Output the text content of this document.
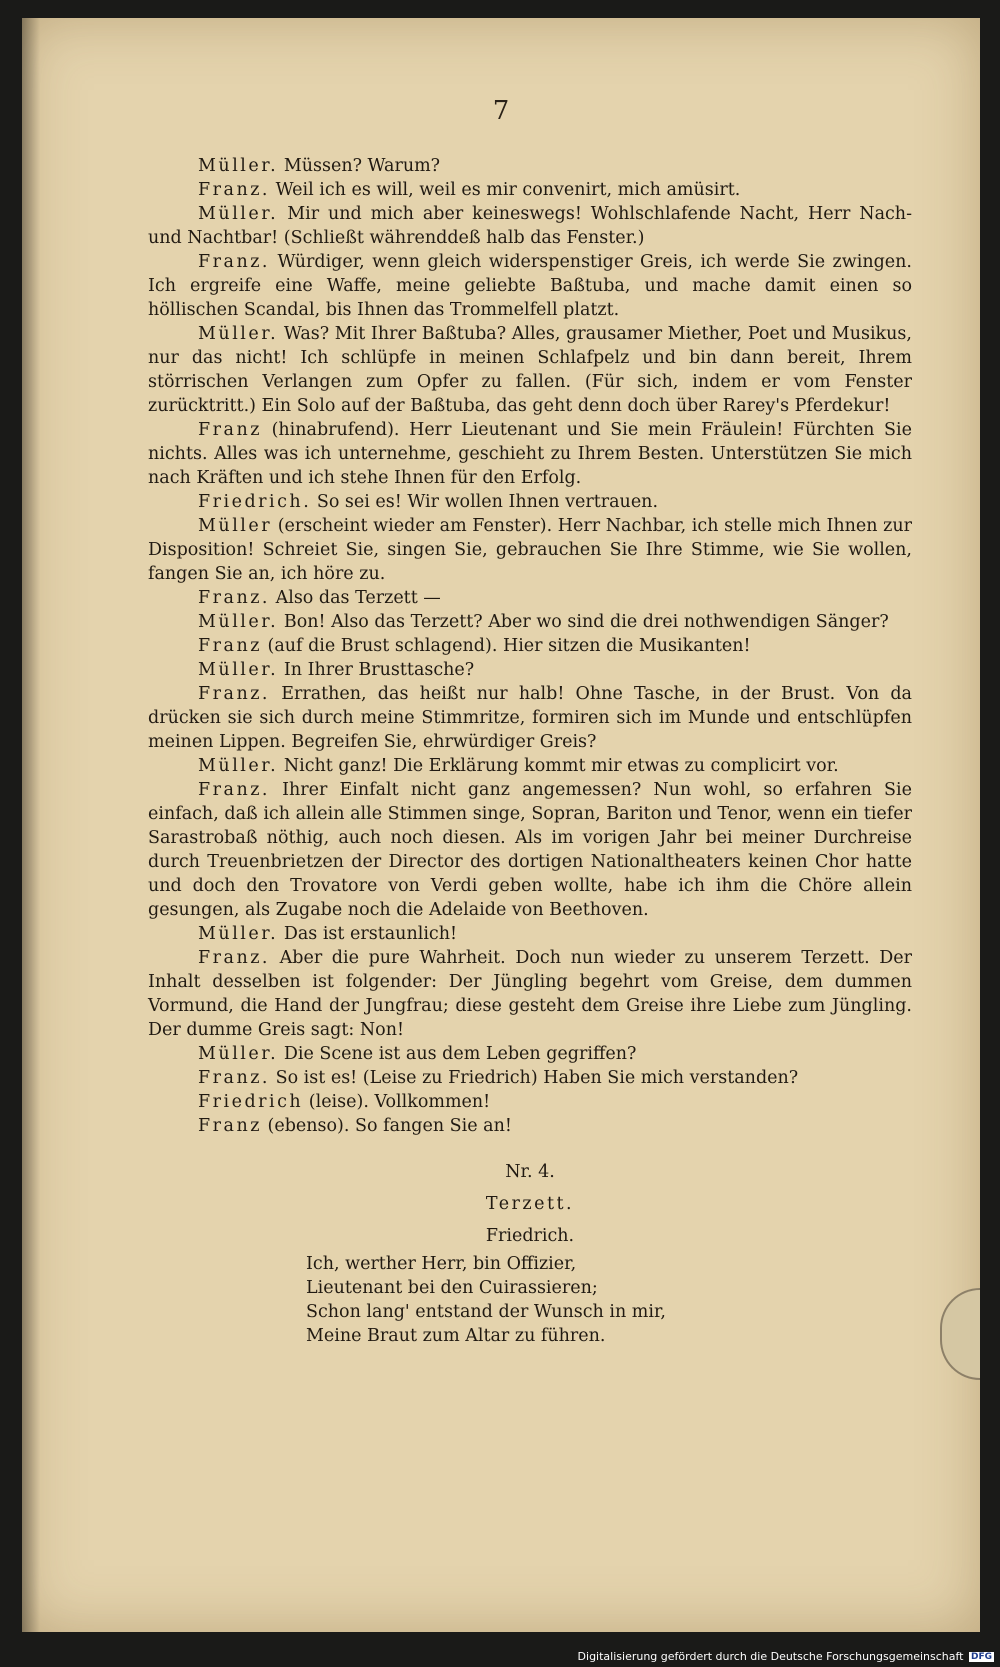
7

Müller. Müssen? Warum?

Franz. Weil ich es will, weil es mir convenirt, mich amüsirt.

Müller. Mir und mich aber keineswegs! Wohlschlafende Nacht, Herr Nach- und Nachtbar! (Schließt währenddeß halb das Fenster.)

Franz. Würdiger, wenn gleich widerspenstiger Greis, ich werde Sie zwingen. Ich ergreife eine Waffe, meine geliebte Baßtuba, und mache damit einen so höllischen Scandal, bis Ihnen das Trommelfell platzt.

Müller. Was? Mit Ihrer Baßtuba? Alles, grausamer Miether, Poet und Musikus, nur das nicht! Ich schlüpfe in meinen Schlafpelz und bin dann bereit, Ihrem störrischen Verlangen zum Opfer zu fallen. (Für sich, indem er vom Fenster zurücktritt.) Ein Solo auf der Baßtuba, das geht denn doch über Rarey's Pferdekur!

Franz (hinabrufend). Herr Lieutenant und Sie mein Fräulein! Fürchten Sie nichts. Alles was ich unternehme, geschieht zu Ihrem Besten. Unterstützen Sie mich nach Kräften und ich stehe Ihnen für den Erfolg.

Friedrich. So sei es! Wir wollen Ihnen vertrauen.

Müller (erscheint wieder am Fenster). Herr Nachbar, ich stelle mich Ihnen zur Disposition! Schreiet Sie, singen Sie, gebrauchen Sie Ihre Stimme, wie Sie wollen, fangen Sie an, ich höre zu.

Franz. Also das Terzett —

Müller. Bon! Also das Terzett? Aber wo sind die drei nothwendigen Sänger?

Franz (auf die Brust schlagend). Hier sitzen die Musikanten!

Müller. In Ihrer Brusttasche?

Franz. Errathen, das heißt nur halb! Ohne Tasche, in der Brust. Von da drücken sie sich durch meine Stimmritze, formiren sich im Munde und entschlüpfen meinen Lippen. Begreifen Sie, ehrwürdiger Greis?

Müller. Nicht ganz! Die Erklärung kommt mir etwas zu complicirt vor.

Franz. Ihrer Einfalt nicht ganz angemessen? Nun wohl, so erfahren Sie einfach, daß ich allein alle Stimmen singe, Sopran, Bariton und Tenor, wenn ein tiefer Sarastrobaß nöthig, auch noch diesen. Als im vorigen Jahr bei meiner Durchreise durch Treuenbrietzen der Director des dortigen Nationaltheaters keinen Chor hatte und doch den Trovatore von Verdi geben wollte, habe ich ihm die Chöre allein gesungen, als Zugabe noch die Adelaide von Beethoven.

Müller. Das ist erstaunlich!

Franz. Aber die pure Wahrheit. Doch nun wieder zu unserem Terzett. Der Inhalt desselben ist folgender: Der Jüngling begehrt vom Greise, dem dummen Vormund, die Hand der Jungfrau; diese gesteht dem Greise ihre Liebe zum Jüngling. Der dumme Greis sagt: Non!

Müller. Die Scene ist aus dem Leben gegriffen?

Franz. So ist es! (Leise zu Friedrich) Haben Sie mich verstanden?

Friedrich (leise). Vollkommen!

Franz (ebenso). So fangen Sie an!

Nr. 4.

Terzett.

Friedrich.

Ich, werther Herr, bin Offizier,

Lieutenant bei den Cuirassieren;

Schon lang' entstand der Wunsch in mir,

Meine Braut zum Altar zu führen.

Digitalisierung gefördert durch die Deutsche Forschungsgemeinschaft DFG
